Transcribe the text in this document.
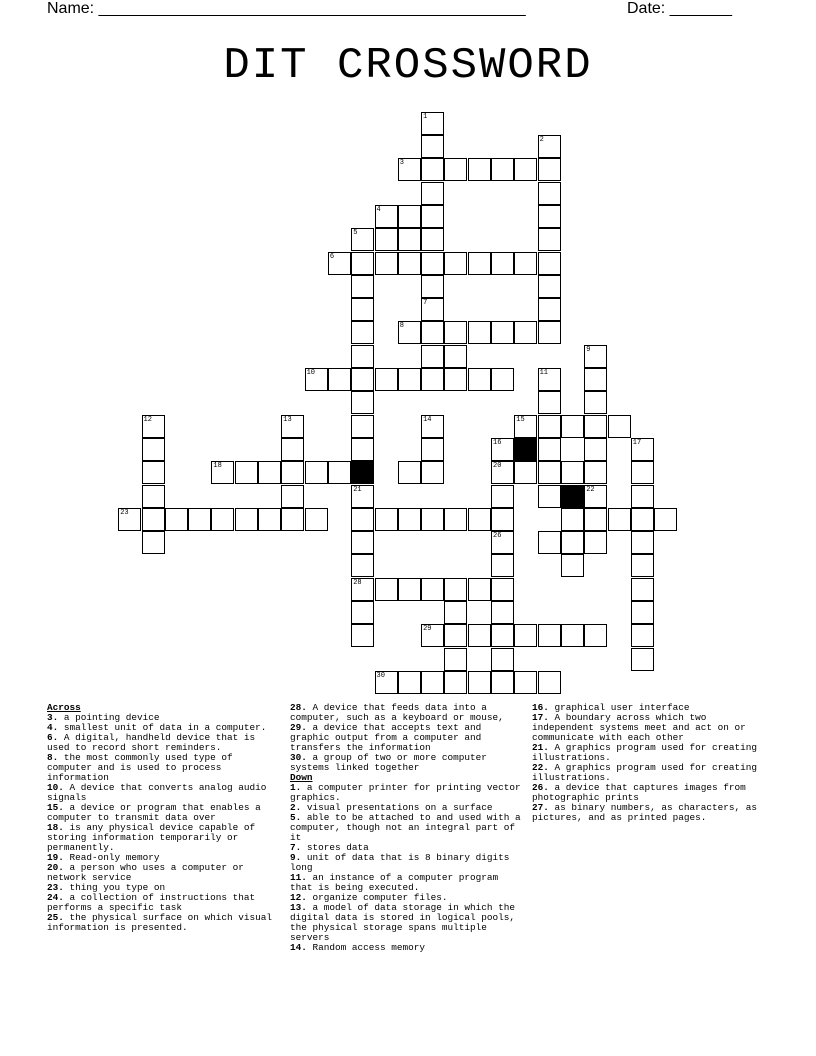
Name: ________________________________________________	Date: _______
DIT CROSSWORD
1
7
2
3
4
5
6
21
28
8
9
22
10	11
12	13	14	15
16
20
26
17
18
23
29
30
Across
3. a pointing device
4. smallest unit of data in a computer.
6. A digital, handheld device that is used to record short reminders.
8. the most commonly used type of computer and is used to process information
10. A device that converts analog audio signals
15. a device or program that enables a computer to transmit data over
18. is any physical device capable of storing information temporarily or permanently.
19. Read-only memory
20. a person who uses a computer or network service
23. thing you type on
24. a collection of instructions that performs a specific task
25. the physical surface on which visual information is presented.
28. A device that feeds data into a computer, such as a keyboard or mouse,
29. a device that accepts text and graphic output from a computer and transfers the information
30. a group of two or more computer systems linked together
Down
1. a computer printer for printing vector graphics.
2. visual presentations on a surface
5. able to be attached to and used with a computer, though not an integral part of it
7. stores data
9. unit of data that is 8 binary digits long
11. an instance of a computer program that is being executed.
12. organize computer files.
13. a model of data storage in which the digital data is stored in logical pools, the physical storage spans multiple servers
14. Random access memory
16. graphical user interface
17. A boundary across which two independent systems meet and act on or communicate with each other
21. A graphics program used for creating illustrations.
22. A graphics program used for creating illustrations.
26. a device that captures images from photographic prints
27. as binary numbers, as characters, as pictures, and as printed pages.
